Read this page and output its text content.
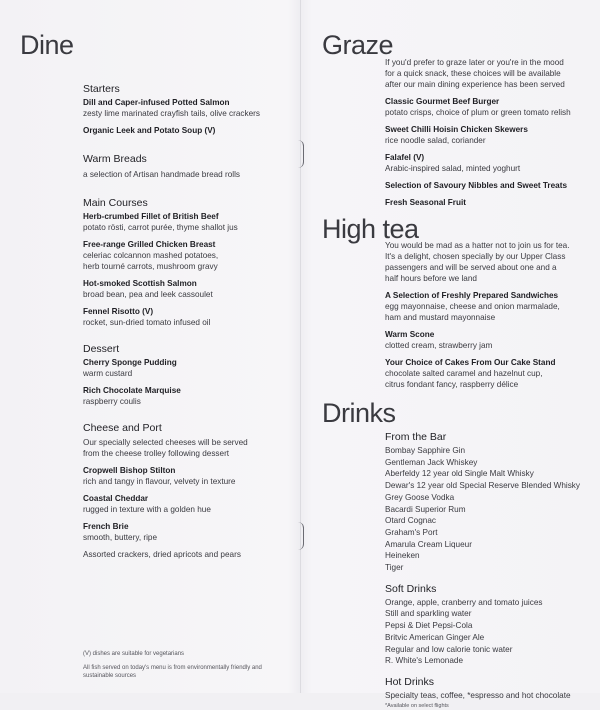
Dine

Starters

Dill and Caper-infused Potted Salmon

zesty lime marinated crayfish tails, olive crackers

Organic Leek and Potato Soup (V)

Warm Breads

a selection of Artisan handmade bread rolls

Main Courses

Herb-crumbed Fillet of British Beef

potato rösti, carrot purée, thyme shallot jus

Free-range Grilled Chicken Breast

celeriac colcannon mashed potatoes, herb tourné carrots, mushroom gravy

Hot-smoked Scottish Salmon

broad bean, pea and leek cassoulet

Fennel Risotto (V)

rocket, sun-dried tomato infused oil

Dessert

Cherry Sponge Pudding

warm custard

Rich Chocolate Marquise

raspberry coulis

Cheese and Port

Our specially selected cheeses will be served from the cheese trolley following dessert

Cropwell Bishop Stilton

rich and tangy in flavour, velvety in texture

Coastal Cheddar

rugged in texture with a golden hue

French Brie

smooth, buttery, ripe

Assorted crackers, dried apricots and pears

(V) dishes are suitable for vegetarians

All fish served on today's menu is from environmentally friendly and sustainable sources

Graze

If you'd prefer to graze later or you're in the mood for a quick snack, these choices will be available after our main dining experience has been served

Classic Gourmet Beef Burger

potato crisps, choice of plum or green tomato relish

Sweet Chilli Hoisin Chicken Skewers

rice noodle salad, coriander

Falafel (V)

Arabic-inspired salad, minted yoghurt

Selection of Savoury Nibbles and Sweet Treats

Fresh Seasonal Fruit

High tea

You would be mad as a hatter not to join us for tea. It's a delight, chosen specially by our Upper Class passengers and will be served about one and a half hours before we land

A Selection of Freshly Prepared Sandwiches

egg mayonnaise, cheese and onion marmalade, ham and mustard mayonnaise

Warm Scone

clotted cream, strawberry jam

Your Choice of Cakes From Our Cake Stand

chocolate salted caramel and hazelnut cup, citrus fondant fancy, raspberry délice

Drinks

From the Bar

Bombay Sapphire Gin

Gentleman Jack Whiskey

Aberfeldy 12 year old Single Malt Whisky

Dewar's 12 year old Special Reserve Blended Whisky

Grey Goose Vodka

Bacardi Superior Rum

Otard Cognac

Graham's Port

Amarula Cream Liqueur

Heineken

Tiger

Soft Drinks

Orange, apple, cranberry and tomato juices

Still and sparkling water

Pepsi & Diet Pepsi-Cola

Britvic American Ginger Ale

Regular and low calorie tonic water

R. White's Lemonade

Hot Drinks

Specialty teas, coffee, *espresso and hot chocolate

*Available on select flights
